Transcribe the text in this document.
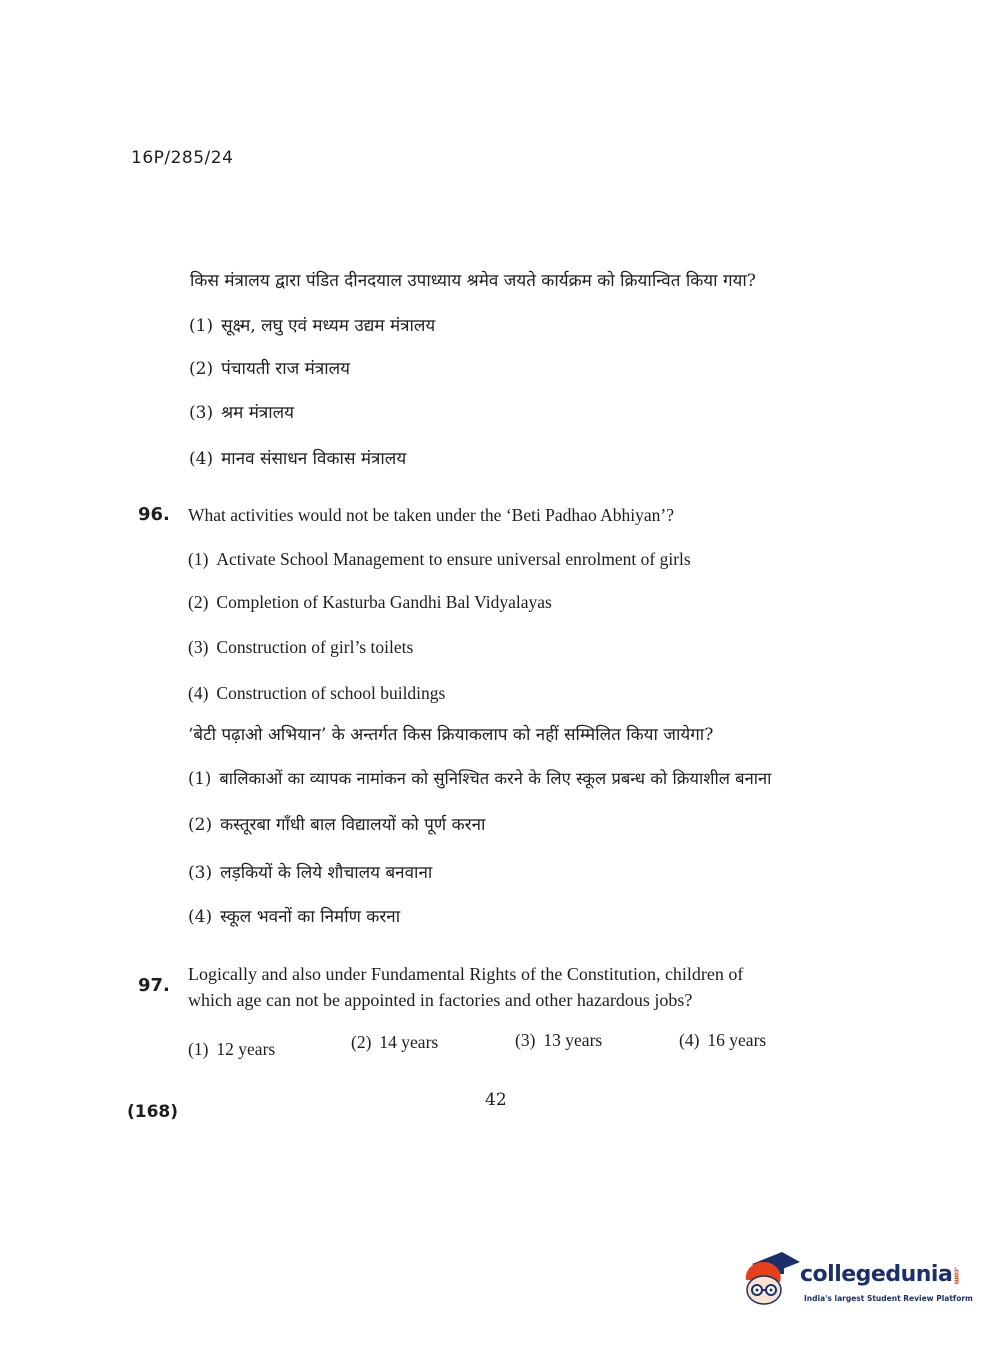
16P/285/24
किस मंत्रालय द्वारा पंडित दीनदयाल उपाध्याय श्रमेव जयते कार्यक्रम को क्रियान्वित किया गया?
(1) सूक्ष्म, लघु एवं मध्यम उद्यम मंत्रालय
(2) पंचायती राज मंत्रालय
(3) श्रम मंत्रालय
(4) मानव संसाधन विकास मंत्रालय
96. What activities would not be taken under the ‘Beti Padhao Abhiyan’?
(1) Activate School Management to ensure universal enrolment of girls
(2) Completion of Kasturba Gandhi Bal Vidyalayas
(3) Construction of girl’s toilets
(4) Construction of school buildings
‘बेटी पढ़ाओ अभियान’ के अन्तर्गत किस क्रियाकलाप को नहीं सम्मिलित किया जायेगा?
(1) बालिकाओं का व्यापक नामांकन को सुनिश्चित करने के लिए स्कूल प्रबन्ध को क्रियाशील बनाना
(2) कस्तूरबा गाँधी बाल विद्यालयों को पूर्ण करना
(3) लड़कियों के लिये शौचालय बनवाना
(4) स्कूल भवनों का निर्माण करना
97.
Logically and also under Fundamental Rights of the Constitution, children of
which age can not be appointed in factories and other hazardous jobs?
(1) 12 years	(2) 14 years	(3) 13 years	(4) 16 years
42
(168)
collegedunia.com
India's largest Student Review Platform
